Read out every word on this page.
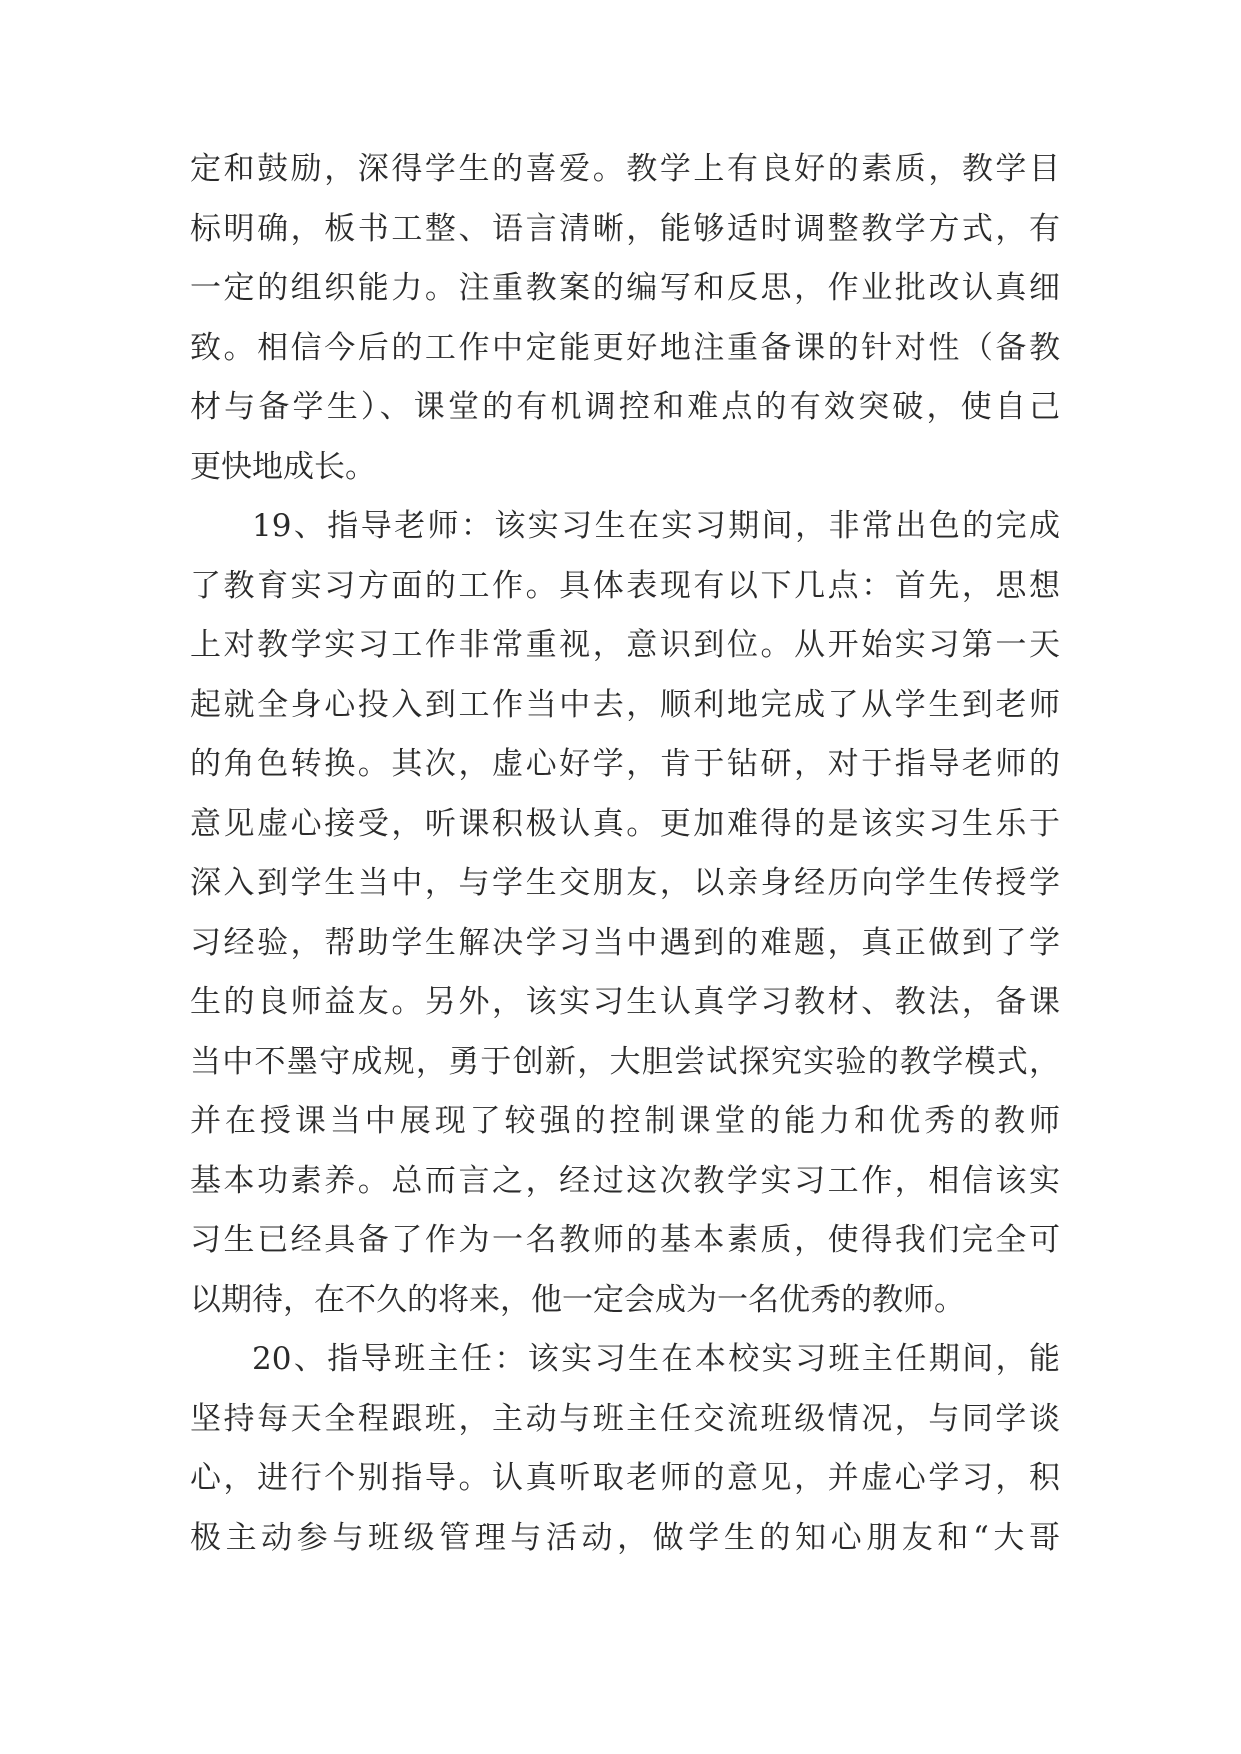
定和鼓励，深得学生的喜爱。教学上有良好的素质，教学目
标明确，板书工整、语言清晰，能够适时调整教学方式，有
一定的组织能力。注重教案的编写和反思，作业批改认真细
致。相信今后的工作中定能更好地注重备课的针对性（备教
材与备学生）、课堂的有机调控和难点的有效突破，使自己
更快地成长。
19、指导老师：该实习生在实习期间，非常出色的完成
了教育实习方面的工作。具体表现有以下几点：首先，思想
上对教学实习工作非常重视，意识到位。从开始实习第一天
起就全身心投入到工作当中去，顺利地完成了从学生到老师
的角色转换。其次，虚心好学，肯于钻研，对于指导老师的
意见虚心接受，听课积极认真。更加难得的是该实习生乐于
深入到学生当中，与学生交朋友，以亲身经历向学生传授学
习经验，帮助学生解决学习当中遇到的难题，真正做到了学
生的良师益友。另外，该实习生认真学习教材、教法，备课
当中不墨守成规，勇于创新，大胆尝试探究实验的教学模式，
并在授课当中展现了较强的控制课堂的能力和优秀的教师
基本功素养。总而言之，经过这次教学实习工作，相信该实
习生已经具备了作为一名教师的基本素质，使得我们完全可
以期待，在不久的将来，他一定会成为一名优秀的教师。
20、指导班主任：该实习生在本校实习班主任期间，能
坚持每天全程跟班，主动与班主任交流班级情况，与同学谈
心，进行个别指导。认真听取老师的意见，并虚心学习，积
极主动参与班级管理与活动，做学生的知心朋友和“大哥
